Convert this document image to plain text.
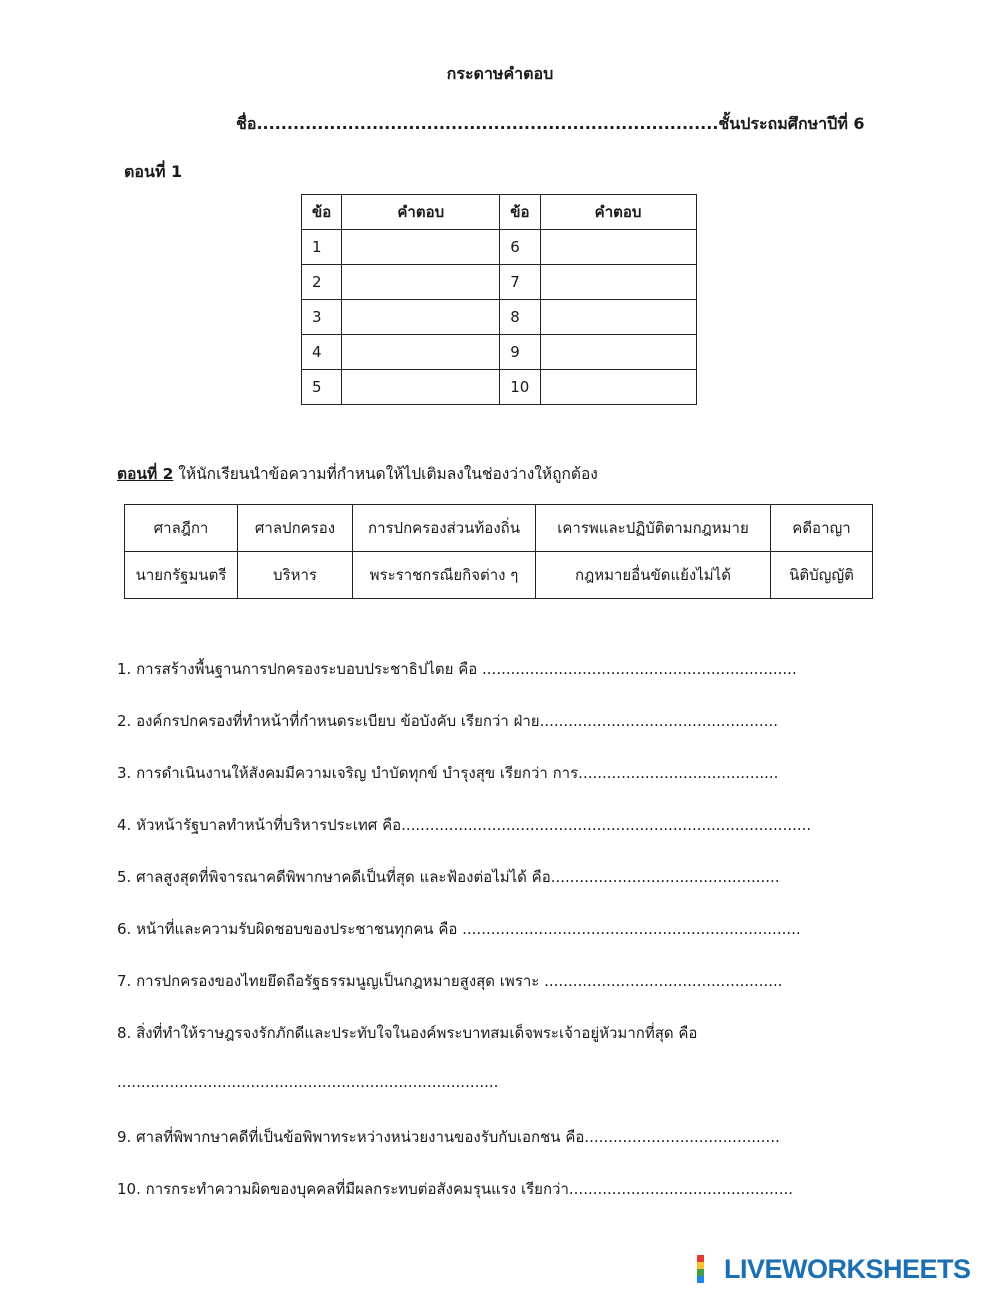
กระดาษคำตอบ
ชื่อ............................................................................ชั้นประถมศึกษาปีที่ 6
ตอนที่ 1
ข้อ	คำตอบ	ข้อ	คำตอบ
1		6	
2		7	
3		8	
4		9	
5		10	
ตอนที่ 2 ให้นักเรียนนำข้อความที่กำหนดให้ไปเติมลงในช่องว่างให้ถูกต้อง
ศาลฎีกา	ศาลปกครอง	การปกครองส่วนท้องถิ่น	เคารพและปฏิบัติตามกฎหมาย	คดีอาญา
นายกรัฐมนตรี	บริหาร	พระราชกรณียกิจต่าง ๆ	กฎหมายอื่นขัดแย้งไม่ได้	นิติบัญญัติ
1. การสร้างพื้นฐานการปกครองระบอบประชาธิปไตย คือ ..................................................................
2. องค์กรปกครองที่ทำหน้าที่กำหนดระเบียบ ข้อบังคับ เรียกว่า ฝ่าย..................................................
3. การดำเนินงานให้สังคมมีความเจริญ บำบัดทุกข์ บำรุงสุข เรียกว่า การ..........................................
4. หัวหน้ารัฐบาลทำหน้าที่บริหารประเทศ คือ......................................................................................
5. ศาลสูงสุดที่พิจารณาคดีพิพากษาคดีเป็นที่สุด และฟ้องต่อไม่ได้ คือ................................................
6. หน้าที่และความรับผิดชอบของประชาชนทุกคน คือ .......................................................................
7. การปกครองของไทยยึดถือรัฐธรรมนูญเป็นกฎหมายสูงสุด เพราะ ..................................................
8. สิ่งที่ทำให้ราษฎรจงรักภักดีและประทับใจในองค์พระบาทสมเด็จพระเจ้าอยู่หัวมากที่สุด คือ
................................................................................
9. ศาลที่พิพากษาคดีที่เป็นข้อพิพาทระหว่างหน่วยงานของรับกับเอกชน คือ.........................................
10. การกระทำความผิดของบุคคลที่มีผลกระทบต่อสังคมรุนแรง เรียกว่า...............................................
LIVEWORKSHEETS
